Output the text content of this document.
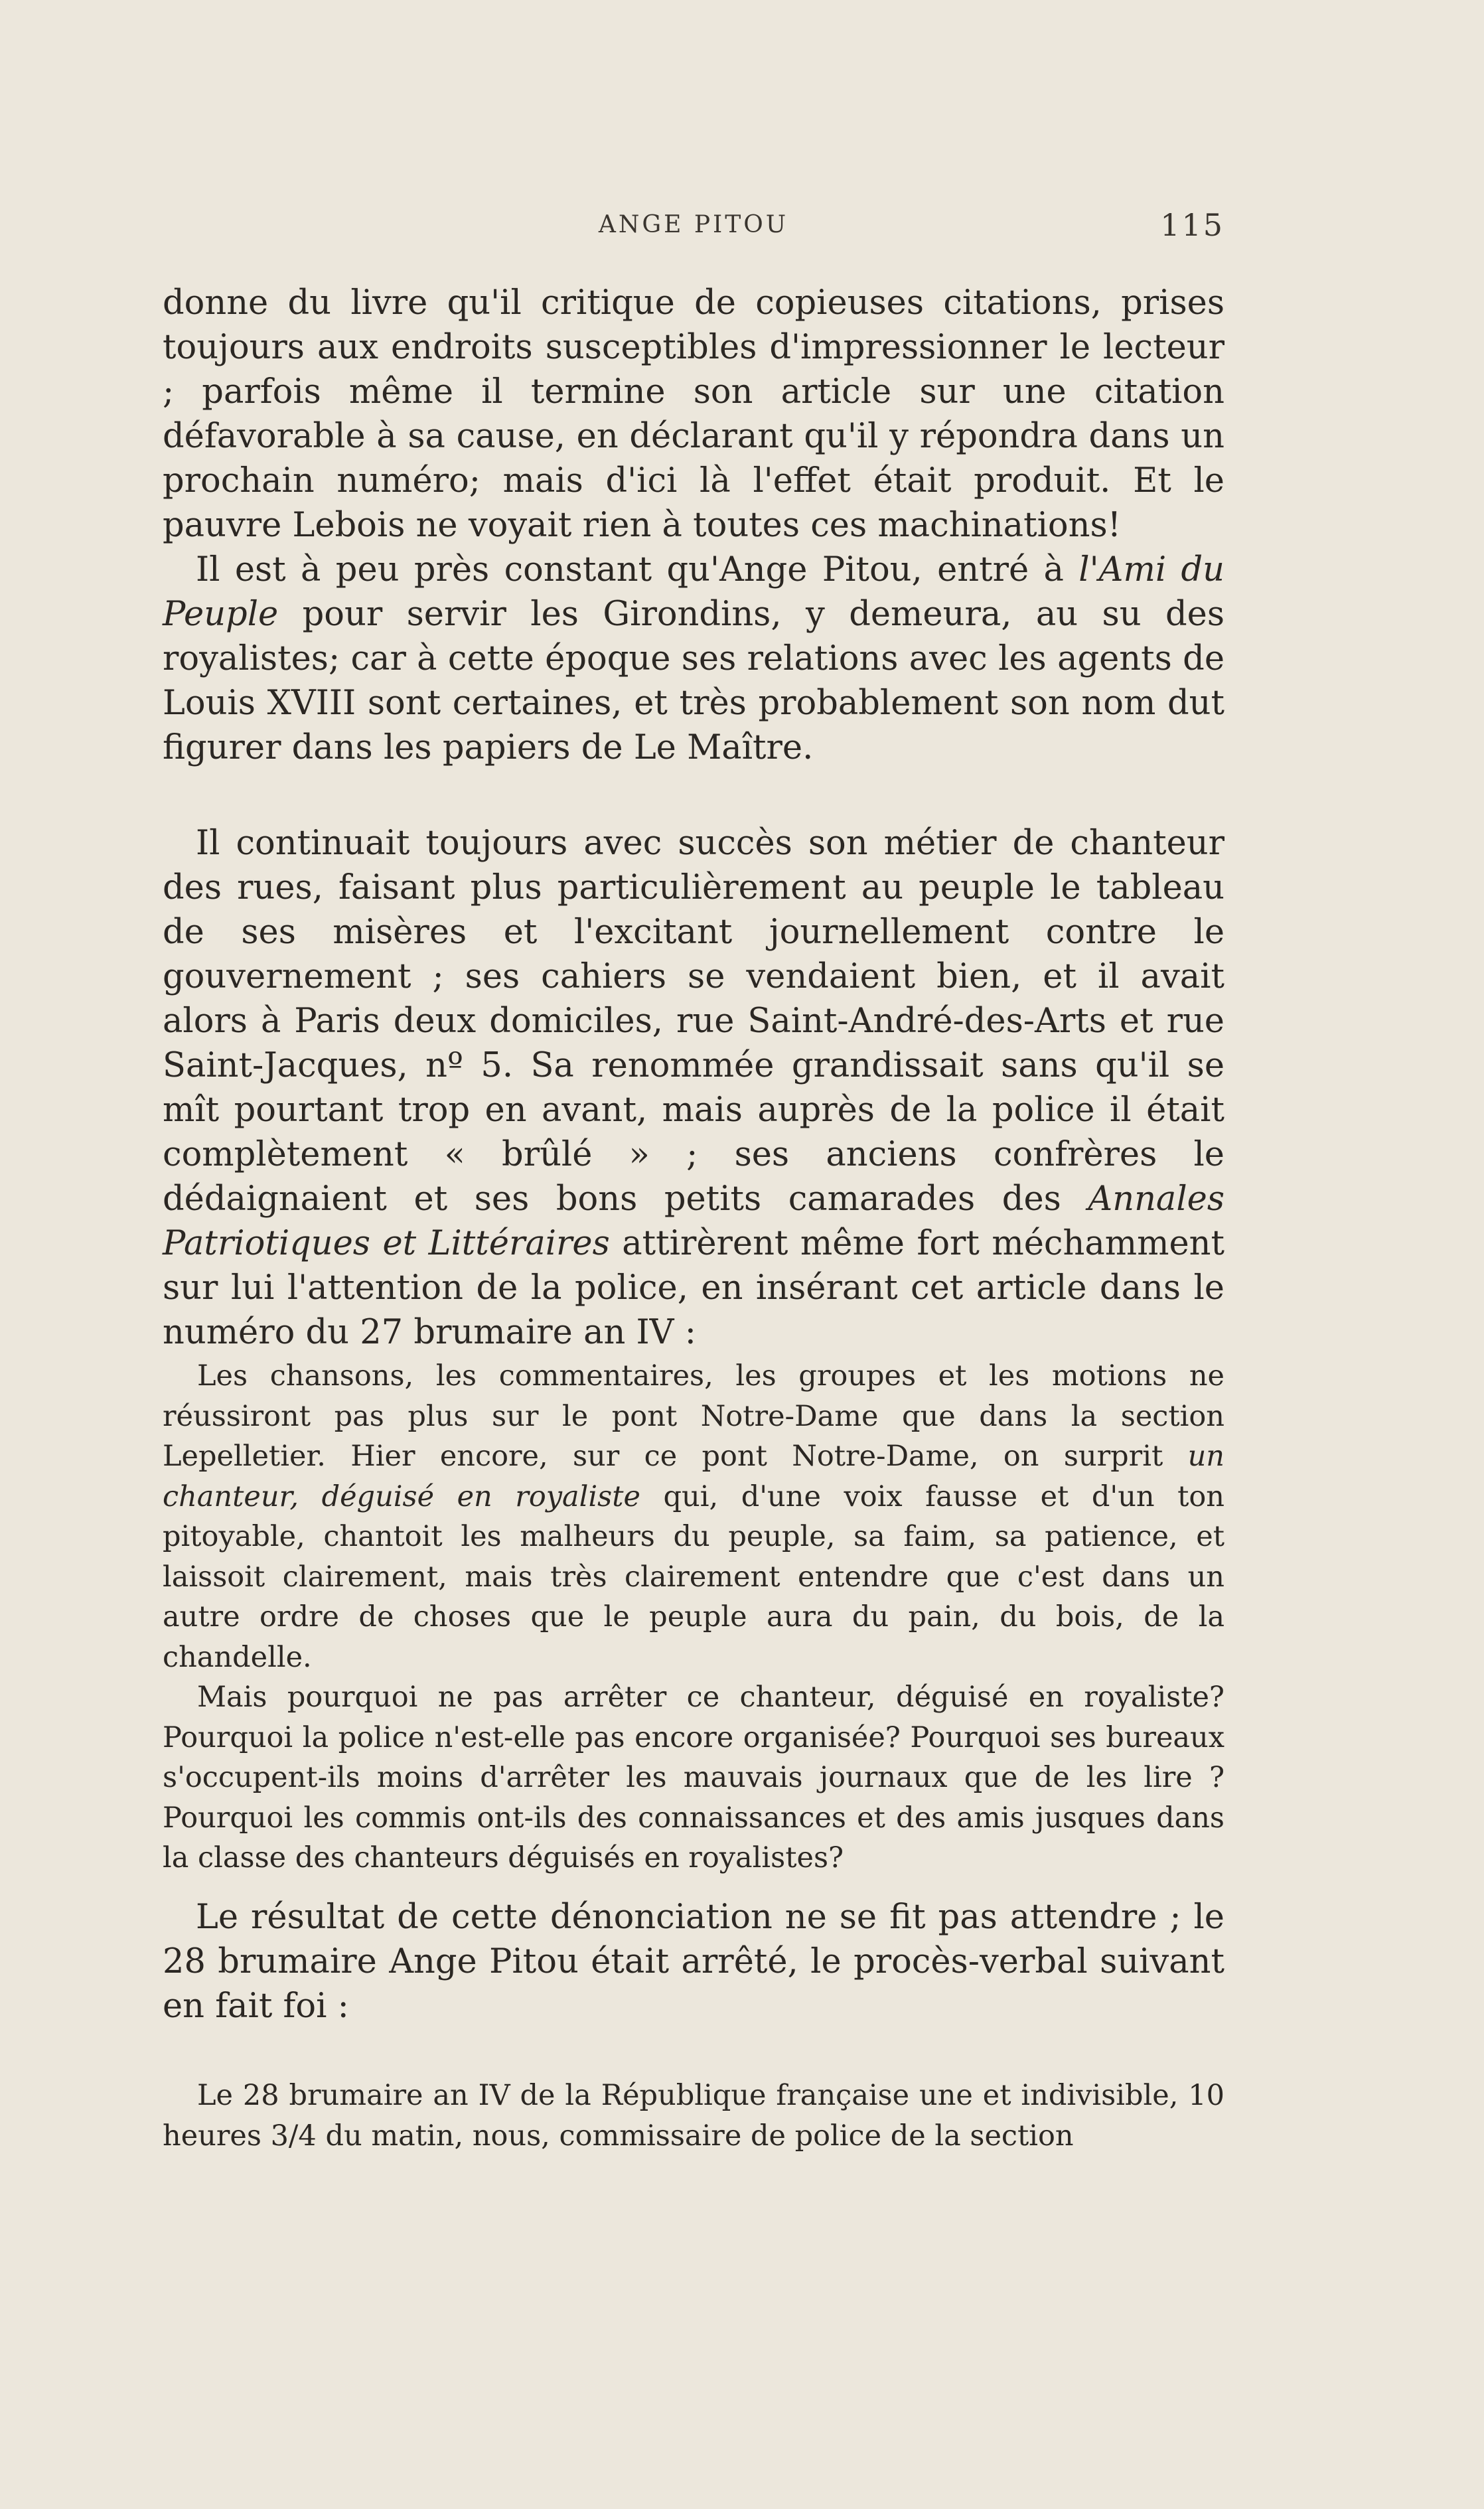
ANGE PITOU	115

donne du livre qu'il critique de copieuses citations, prises toujours aux endroits susceptibles d'impressionner le lecteur ; parfois même il termine son article sur une citation défavorable à sa cause, en déclarant qu'il y répondra dans un prochain numéro; mais d'ici là l'effet était produit. Et le pauvre Lebois ne voyait rien à toutes ces machinations!

Il est à peu près constant qu'Ange Pitou, entré à l'Ami du Peuple pour servir les Girondins, y demeura, au su des royalistes; car à cette époque ses relations avec les agents de Louis XVIII sont certaines, et très probablement son nom dut figurer dans les papiers de Le Maître.

Il continuait toujours avec succès son métier de chanteur des rues, faisant plus particulièrement au peuple le tableau de ses misères et l'excitant journellement contre le gouvernement ; ses cahiers se vendaient bien, et il avait alors à Paris deux domiciles, rue Saint-André-des-Arts et rue Saint-Jacques, nº 5. Sa renommée grandissait sans qu'il se mît pourtant trop en avant, mais auprès de la police il était complètement « brûlé » ; ses anciens confrères le dédaignaient et ses bons petits camarades des Annales Patriotiques et Littéraires attirèrent même fort méchamment sur lui l'attention de la police, en insérant cet article dans le numéro du 27 brumaire an IV :

Les chansons, les commentaires, les groupes et les motions ne réussiront pas plus sur le pont Notre-Dame que dans la section Lepelletier. Hier encore, sur ce pont Notre-Dame, on surprit un chanteur, déguisé en royaliste qui, d'une voix fausse et d'un ton pitoyable, chantoit les malheurs du peuple, sa faim, sa patience, et laissoit clairement, mais très clairement entendre que c'est dans un autre ordre de choses que le peuple aura du pain, du bois, de la chandelle.

Mais pourquoi ne pas arrêter ce chanteur, déguisé en royaliste? Pourquoi la police n'est-elle pas encore organisée? Pourquoi ses bureaux s'occupent-ils moins d'arrêter les mauvais journaux que de les lire ? Pourquoi les commis ont-ils des connaissances et des amis jusques dans la classe des chanteurs déguisés en royalistes?

Le résultat de cette dénonciation ne se fit pas attendre ; le 28 brumaire Ange Pitou était arrêté, le procès-verbal suivant en fait foi :

Le 28 brumaire an IV de la République française une et indivisible, 10 heures 3/4 du matin, nous, commissaire de police de la section
